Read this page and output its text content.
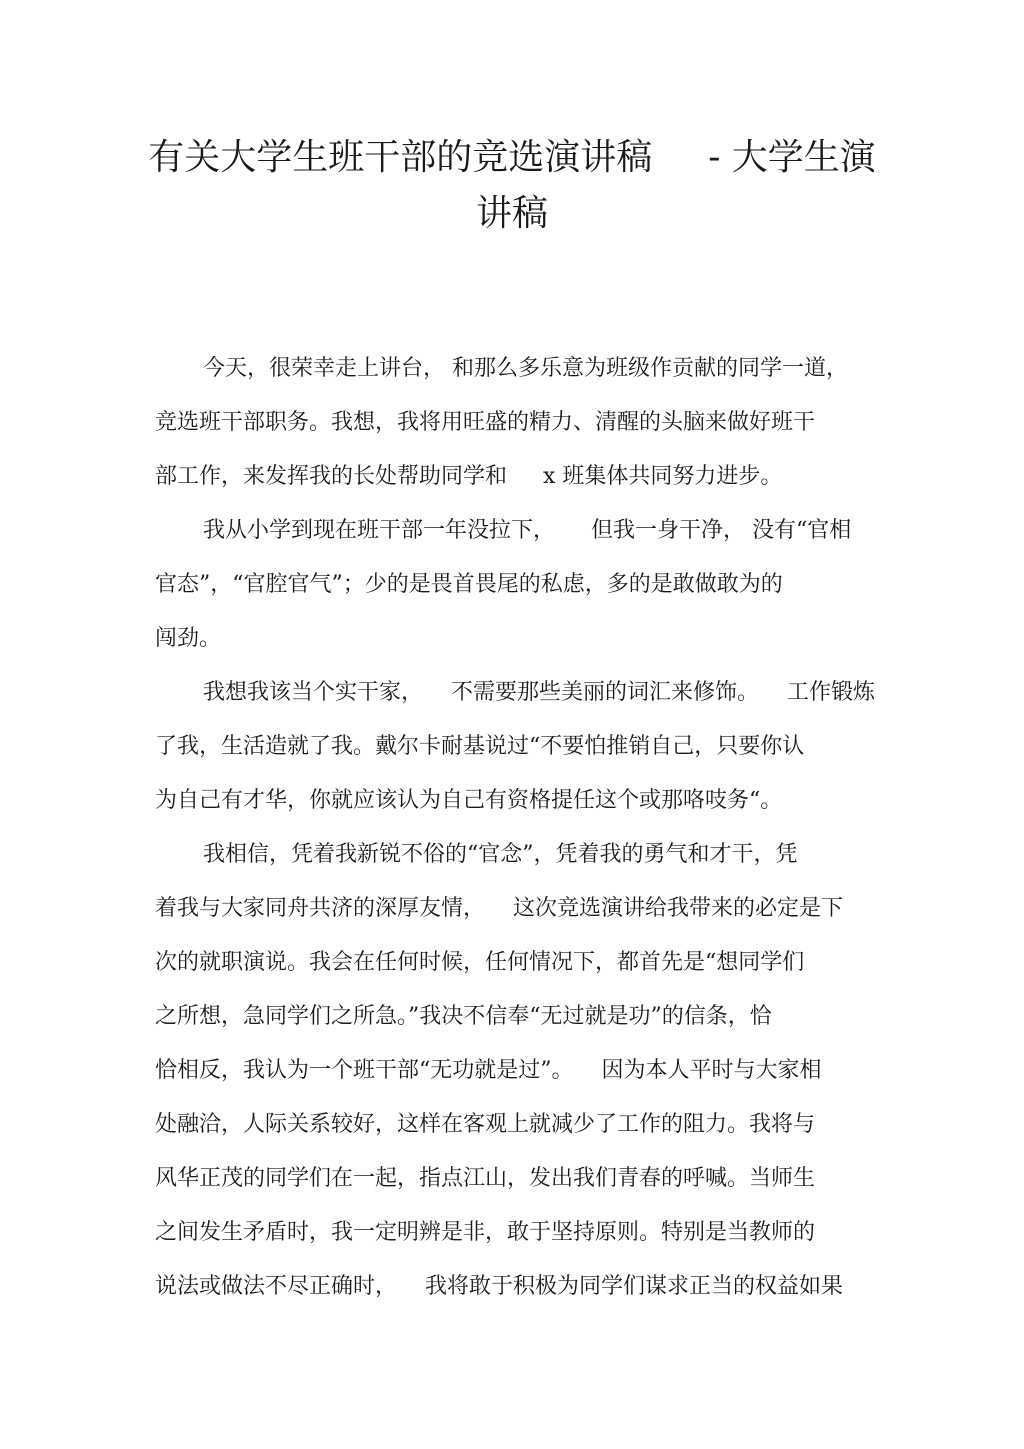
有关大学生班干部的竞选演讲稿 - 大学生演
讲稿
今天，很荣幸走上讲台， 和那么多乐意为班级作贡献的同学一道，
竞选班干部职务。我想，我将用旺盛的精力、清醒的头脑来做好班干
部工作，来发挥我的长处帮助同学和 x 班集体共同努力进步。
我从小学到现在班干部一年没拉下， 但我一身干净， 没有“官相
官态”，“官腔官气”；少的是畏首畏尾的私虑，多的是敢做敢为的
闯劲。
我想我该当个实干家， 不需要那些美丽的词汇来修饰。 工作锻炼
了我，生活造就了我。戴尔卡耐基说过“不要怕推销自己，只要你认
为自己有才华，你就应该认为自己有资格提任这个或那咯吱务“。
我相信，凭着我新锐不俗的“官念”，凭着我的勇气和才干，凭
着我与大家同舟共济的深厚友情， 这次竞选演讲给我带来的必定是下
次的就职演说。我会在任何时候，任何情况下，都首先是“想同学们
之所想，急同学们之所急。”我决不信奉“无过就是功”的信条，恰
恰相反，我认为一个班干部“无功就是过”。 因为本人平时与大家相
处融洽，人际关系较好，这样在客观上就减少了工作的阻力。我将与
风华正茂的同学们在一起，指点江山，发出我们青春的呼喊。当师生
之间发生矛盾时，我一定明辨是非，敢于坚持原则。特别是当教师的
说法或做法不尽正确时， 我将敢于积极为同学们谋求正当的权益如果
